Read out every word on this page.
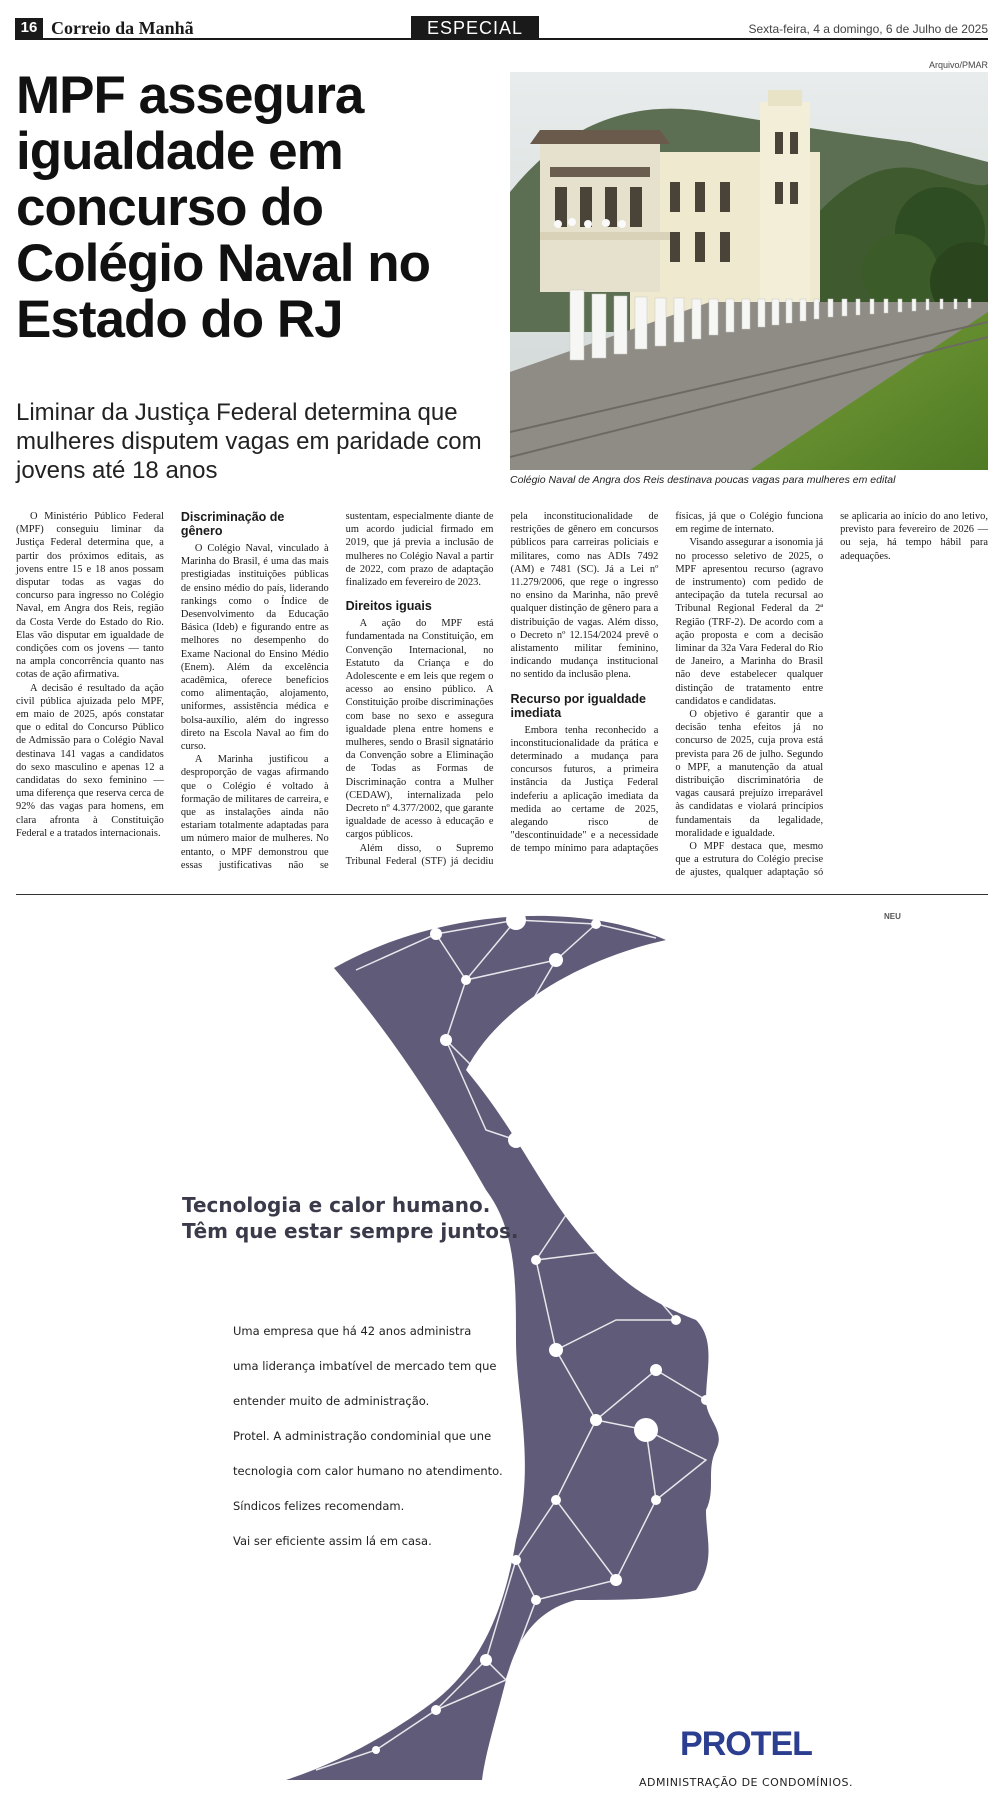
16 Correio da Manhã	ESPECIAL	Sexta-feira, 4 a domingo, 6 de Julho de 2025
MPF assegura igualdade em concurso do Colégio Naval no Estado do RJ
Liminar da Justiça Federal determina que mulheres disputem vagas em paridade com jovens até 18 anos
Arquivo/PMAR
Colégio Naval de Angra dos Reis destinava poucas vagas para mulheres em edital

O Ministério Público Federal (MPF) conseguiu liminar da Justiça Federal determina que, a partir dos próximos editais, as jovens entre 15 e 18 anos possam disputar todas as vagas do concurso para ingresso no Colégio Naval, em Angra dos Reis, região da Costa Verde do Estado do Rio. Elas vão disputar em igualdade de condições com os jovens — tanto na ampla concorrência quanto nas cotas de ação afirmativa.

A decisão é resultado da ação civil pública ajuizada pelo MPF, em maio de 2025, após constatar que o edital do Concurso Público de Admissão para o Colégio Naval destinava 141 vagas a candidatos do sexo masculino e apenas 12 a candidatas do sexo feminino — uma diferença que reserva cerca de 92% das vagas para homens, em clara afronta à Constituição Federal e a tratados internacionais.

Discriminação de gênero

O Colégio Naval, vinculado à Marinha do Brasil, é uma das mais prestigiadas instituições públicas de ensino médio do país, liderando rankings como o Índice de Desenvolvimento da Educação Básica (Ideb) e figurando entre as melhores no desempenho do Exame Nacional do Ensino Médio (Enem). Além da excelência acadêmica, oferece benefícios como alimentação, alojamento, uniformes, assistência médica e bolsa-auxílio, além do ingresso direto na Escola Naval ao fim do curso.

A Marinha justificou a desproporção de vagas afirmando que o Colégio é voltado à formação de militares de carreira, e que as instalações ainda não estariam totalmente adaptadas para um número maior de mulheres. No entanto, o MPF demonstrou que essas justificativas não se sustentam, especialmente diante de um acordo judicial firmado em 2019, que já previa a inclusão de mulheres no Colégio Naval a partir de 2022, com prazo de adaptação finalizado em fevereiro de 2023.

Direitos iguais

A ação do MPF está fundamentada na Constituição, em Convenção Internacional, no Estatuto da Criança e do Adolescente e em leis que regem o acesso ao ensino público. A Constituição proíbe discriminações com base no sexo e assegura igualdade plena entre homens e mulheres, sendo o Brasil signatário da Convenção sobre a Eliminação de Todas as Formas de Discriminação contra a Mulher (CEDAW), internalizada pelo Decreto nº 4.377/2002, que garante igualdade de acesso à educação e cargos públicos.

Além disso, o Supremo Tribunal Federal (STF) já decidiu pela inconstitucionalidade de restrições de gênero em concursos públicos para carreiras policiais e militares, como nas ADIs 7492 (AM) e 7481 (SC). Já a Lei nº 11.279/2006, que rege o ingresso no ensino da Marinha, não prevê qualquer distinção de gênero para a distribuição de vagas. Além disso, o Decreto nº 12.154/2024 prevê o alistamento militar feminino, indicando mudança institucional no sentido da inclusão plena.

Recurso por igualdade imediata

Embora tenha reconhecido a inconstitucionalidade da prática e determinado a mudança para concursos futuros, a primeira instância da Justiça Federal indeferiu a aplicação imediata da medida ao certame de 2025, alegando risco de "descontinuidade" e a necessidade de tempo mínimo para adaptações físicas, já que o Colégio funciona em regime de internato.

Visando assegurar a isonomia já no processo seletivo de 2025, o MPF apresentou recurso (agravo de instrumento) com pedido de antecipação da tutela recursal ao Tribunal Regional Federal da 2ª Região (TRF-2). De acordo com a ação proposta e com a decisão liminar da 32a Vara Federal do Rio de Janeiro, a Marinha do Brasil não deve estabelecer qualquer distinção de tratamento entre candidatos e candidatas.

O objetivo é garantir que a decisão tenha efeitos já no concurso de 2025, cuja prova está prevista para 26 de julho. Segundo o MPF, a manutenção da atual distribuição discriminatória de vagas causará prejuízo irreparável às candidatas e violará princípios fundamentais da legalidade, moralidade e igualdade.

O MPF destaca que, mesmo que a estrutura do Colégio precise de ajustes, qualquer adaptação só se aplicaria ao início do ano letivo, previsto para fevereiro de 2026 — ou seja, há tempo hábil para adequações.

NEU
Tecnologia e calor humano.
Têm que estar sempre juntos.
Uma empresa que há 42 anos administra
uma liderança imbatível de mercado tem que
entender muito de administração.
Protel. A administração condominial que une
tecnologia com calor humano no atendimento.
Síndicos felizes recomendam.
Vai ser eficiente assim lá em casa.
PROTEL
ADMINISTRAÇÃO DE CONDOMÍNIOS.
